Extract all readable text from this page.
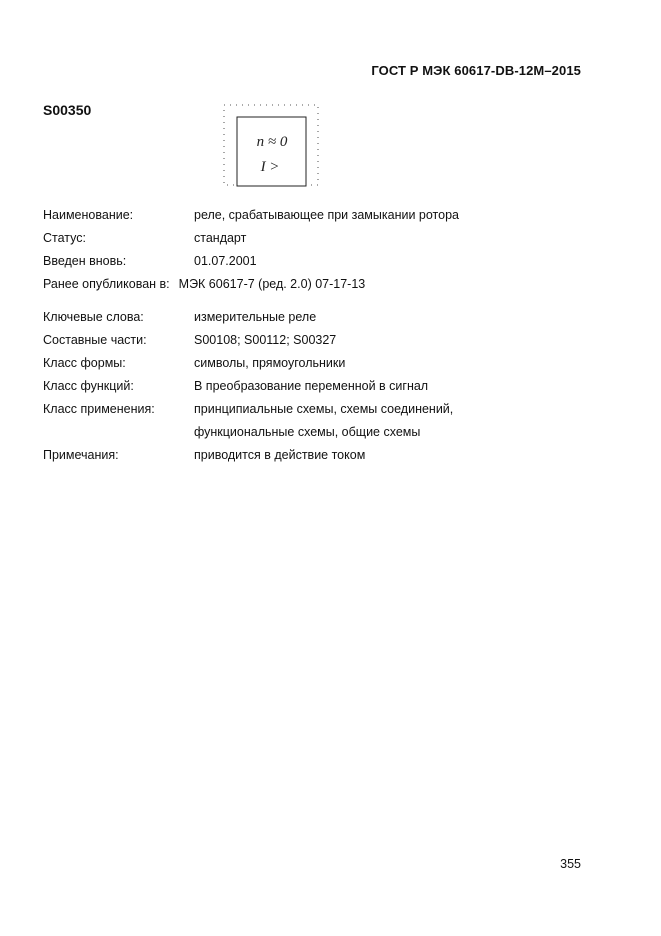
ГОСТ Р МЭК 60617-DB-12M–2015
S00350
n ≈ 0
I >
Наименование:	реле, срабатывающее при замыкании ротора
Статус:	стандарт
Введен вновь:	01.07.2001
Ранее опубликован в: МЭК 60617-7 (ред. 2.0) 07-17-13
Ключевые слова:	измерительные реле
Составные части:	S00108; S00112; S00327
Класс формы:	символы, прямоугольники
Класс функций:	В преобразование переменной в сигнал
Класс применения:	принципиальные схемы, схемы соединений,
функциональные схемы, общие схемы
Примечания:	приводится в действие током
355
